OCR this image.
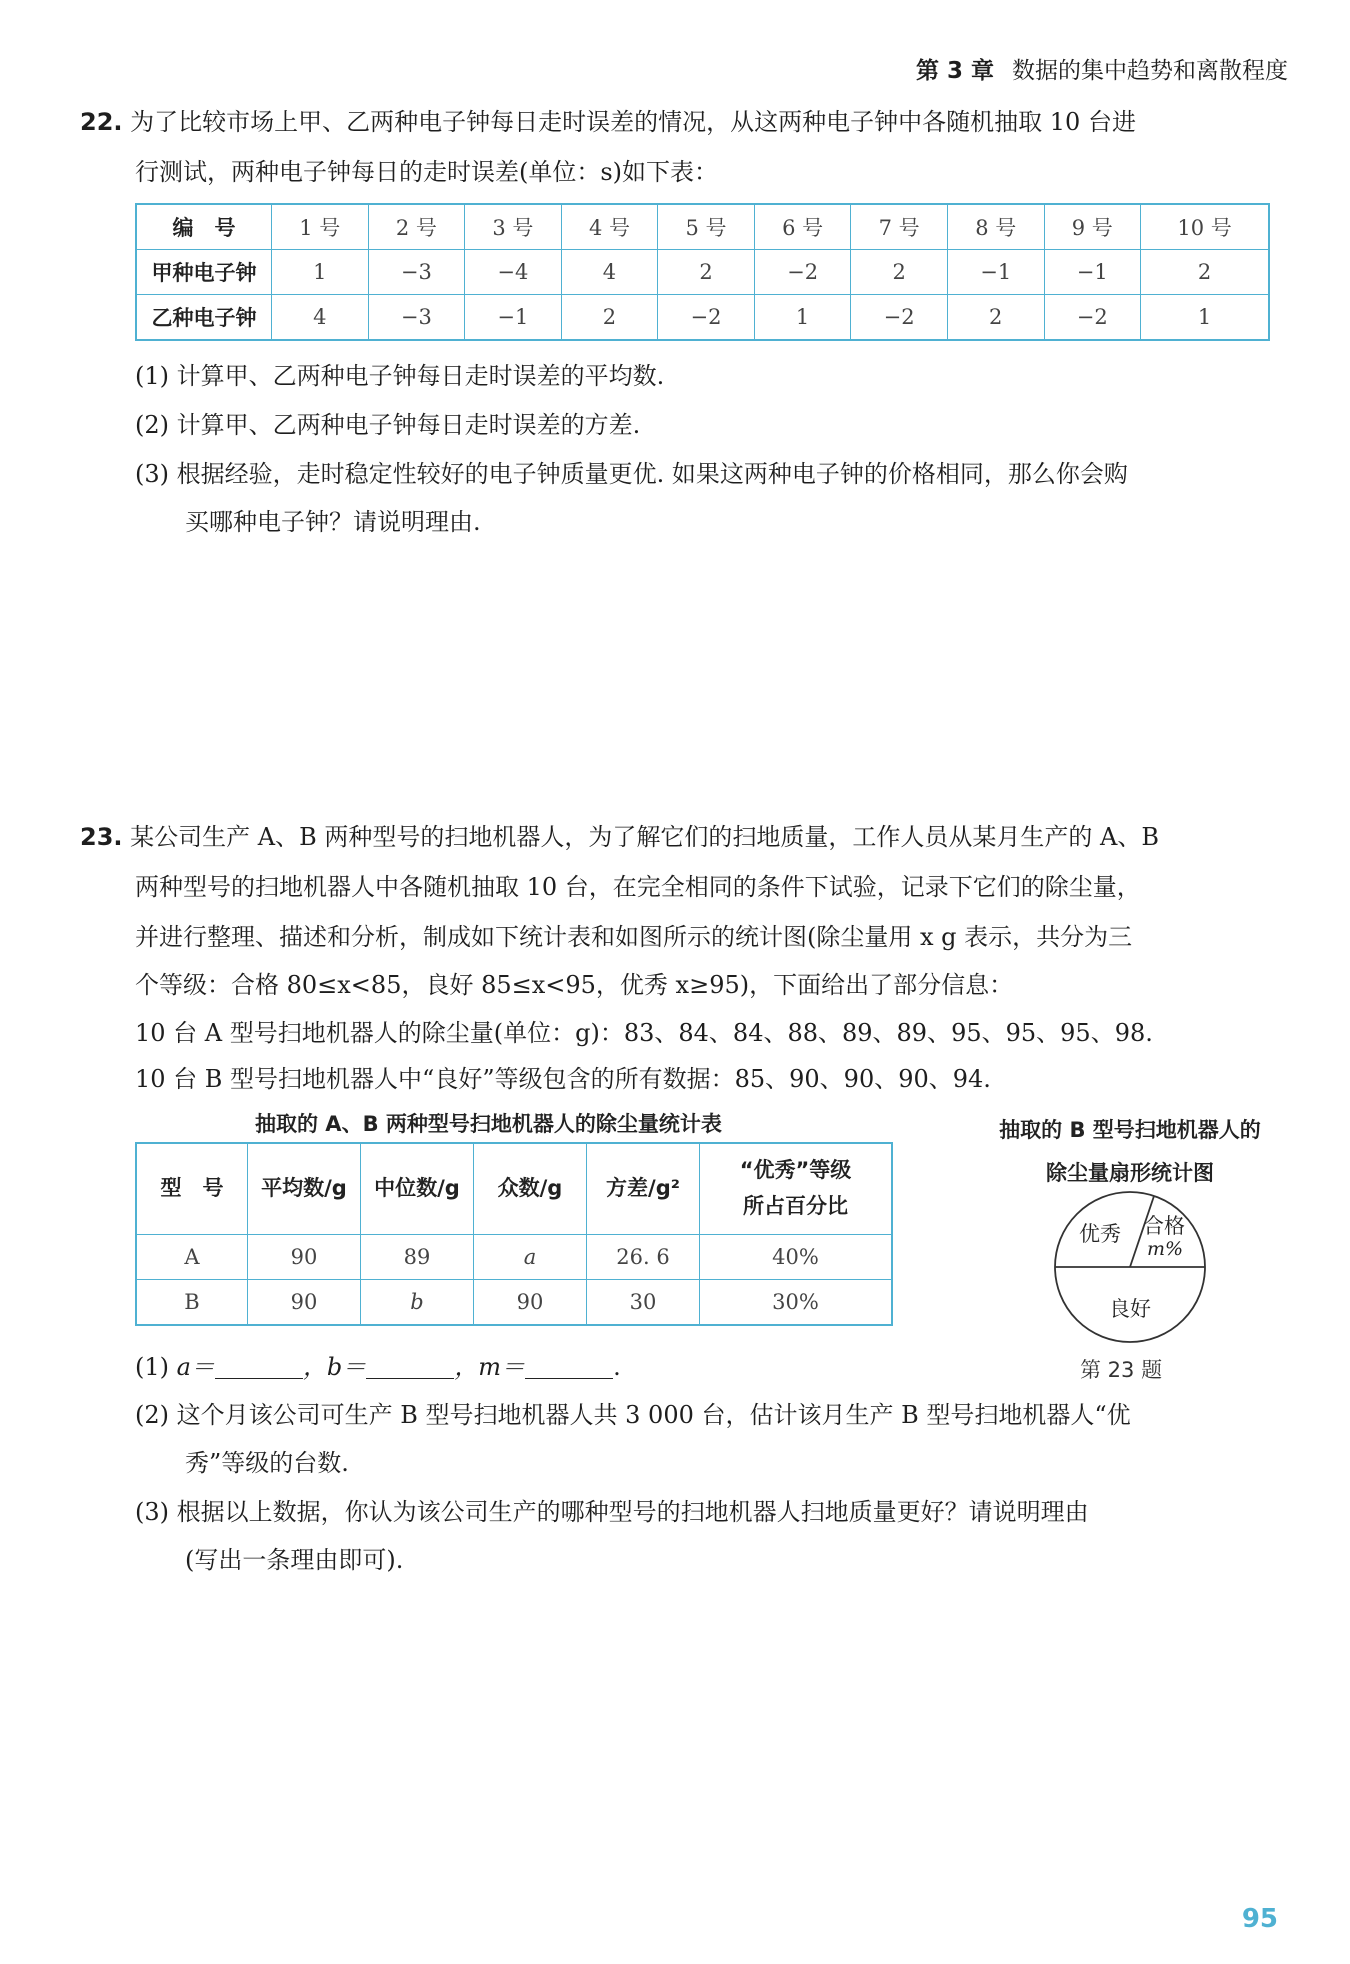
第 3 章 数据的集中趋势和离散程度
22. 为了比较市场上甲、乙两种电子钟每日走时误差的情况，从这两种电子钟中各随机抽取 10 台进
行测试，两种电子钟每日的走时误差(单位：s)如下表：
编　号	1 号	2 号	3 号	4 号	5 号	6 号	7 号	8 号	9 号	10 号
甲种电子钟	1	−3	−4	4	2	−2	2	−1	−1	2
乙种电子钟	4	−3	−1	2	−2	1	−2	2	−2	1
(1) 计算甲、乙两种电子钟每日走时误差的平均数.
(2) 计算甲、乙两种电子钟每日走时误差的方差.
(3) 根据经验，走时稳定性较好的电子钟质量更优. 如果这两种电子钟的价格相同，那么你会购
买哪种电子钟？请说明理由.
23. 某公司生产 A、B 两种型号的扫地机器人，为了解它们的扫地质量，工作人员从某月生产的 A、B
两种型号的扫地机器人中各随机抽取 10 台，在完全相同的条件下试验，记录下它们的除尘量，
并进行整理、描述和分析，制成如下统计表和如图所示的统计图(除尘量用 x g 表示，共分为三
个等级：合格 80≤x<85，良好 85≤x<95，优秀 x≥95)，下面给出了部分信息：
10 台 A 型号扫地机器人的除尘量(单位：g)：83、84、84、88、89、89、95、95、95、98.
10 台 B 型号扫地机器人中“良好”等级包含的所有数据：85、90、90、90、94.
抽取的 A、B 两种型号扫地机器人的除尘量统计表
型　号	平均数/g	中位数/g	众数/g	方差/g²	“优秀”等级
所占百分比

A	90	89	a	26. 6	40%
B	90	b	90	30	30%
抽取的 B 型号扫地机器人的
除尘量扇形统计图
优秀 合格
m%
良好
第 23 题
(1) a＝	，b＝	，m＝	.
(2) 这个月该公司可生产 B 型号扫地机器人共 3 000 台，估计该月生产 B 型号扫地机器人“优
秀”等级的台数.
(3) 根据以上数据，你认为该公司生产的哪种型号的扫地机器人扫地质量更好？请说明理由
(写出一条理由即可).
95
